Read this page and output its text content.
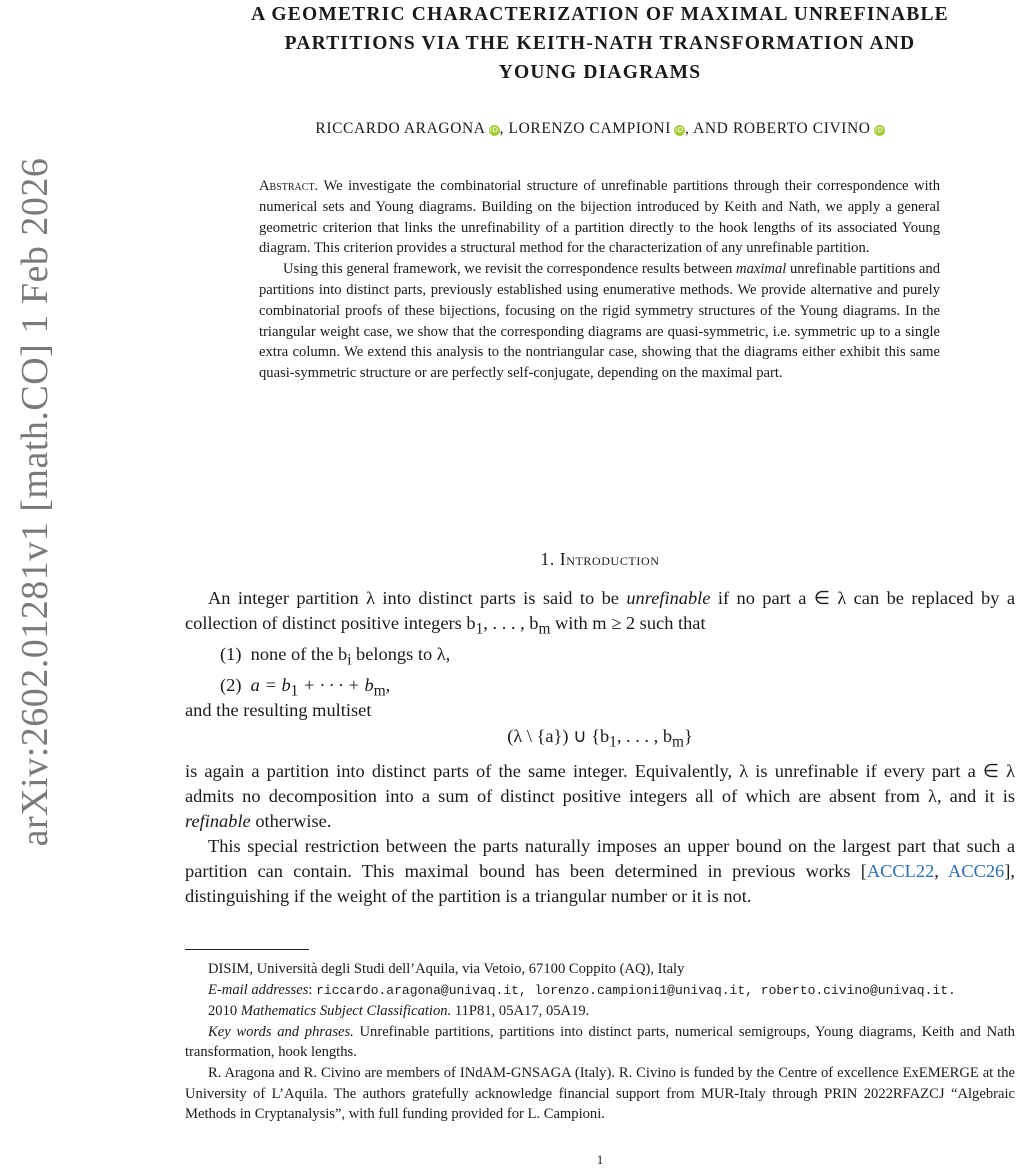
arXiv:2602.01281v1 [math.CO] 1 Feb 2026
A GEOMETRIC CHARACTERIZATION OF MAXIMAL UNREFINABLE
PARTITIONS VIA THE KEITH-NATH TRANSFORMATION AND
YOUNG DIAGRAMS
RICCARDO ARAGONA iD, LORENZO CAMPIONI iD, AND ROBERTO CIVINO iD

Abstract. We investigate the combinatorial structure of unrefinable partitions through their correspondence with numerical sets and Young diagrams. Building on the bijection introduced by Keith and Nath, we apply a general geometric criterion that links the unrefinability of a partition directly to the hook lengths of its associated Young diagram. This criterion provides a structural method for the characterization of any unrefinable partition.

Using this general framework, we revisit the correspondence results between maximal unrefinable partitions and partitions into distinct parts, previously established using enumerative methods. We provide alternative and purely combinatorial proofs of these bijections, focusing on the rigid symmetry structures of the Young diagrams. In the triangular weight case, we show that the corresponding diagrams are quasi-symmetric, i.e. symmetric up to a single extra column. We extend this analysis to the nontriangular case, showing that the diagrams either exhibit this same quasi-symmetric structure or are perfectly self-conjugate, depending on the maximal part.

1. Introduction

An integer partition λ into distinct parts is said to be unrefinable if no part a ∈ λ can be replaced by a collection of distinct positive integers $b_1$, . . . , $b_m$ with m ≥ 2 such that

(1) none of the $b_i$ belongs to λ,
(2) $a = b_1$ + · · · + $b_m$,

and the resulting multiset

(λ \ {a}) ∪ {$b_1$, . . . , $b_m$}

is again a partition into distinct parts of the same integer. Equivalently, λ is unrefinable if every part a ∈ λ admits no decomposition into a sum of distinct positive integers all of which are absent from λ, and it is refinable otherwise.

This special restriction between the parts naturally imposes an upper bound on the largest part that such a partition can contain. This maximal bound has been determined in previous works [ACCL22, ACC26], distinguishing if the weight of the partition is a triangular number or it is not.

DISIM, Università degli Studi dell’Aquila, via Vetoio, 67100 Coppito (AQ), Italy

E-mail addresses: riccardo.aragona@univaq.it, lorenzo.campioni1@univaq.it, roberto.civino@univaq.it.

2010 Mathematics Subject Classification. 11P81, 05A17, 05A19.

Key words and phrases. Unrefinable partitions, partitions into distinct parts, numerical semigroups, Young diagrams, Keith and Nath transformation, hook lengths.

R. Aragona and R. Civino are members of INdAM-GNSAGA (Italy). R. Civino is funded by the Centre of excellence ExEMERGE at the University of L’Aquila. The authors gratefully acknowledge financial support from MUR-Italy through PRIN 2022RFAZCJ “Algebraic Methods in Cryptanalysis”, with full funding provided for L. Campioni.

1
